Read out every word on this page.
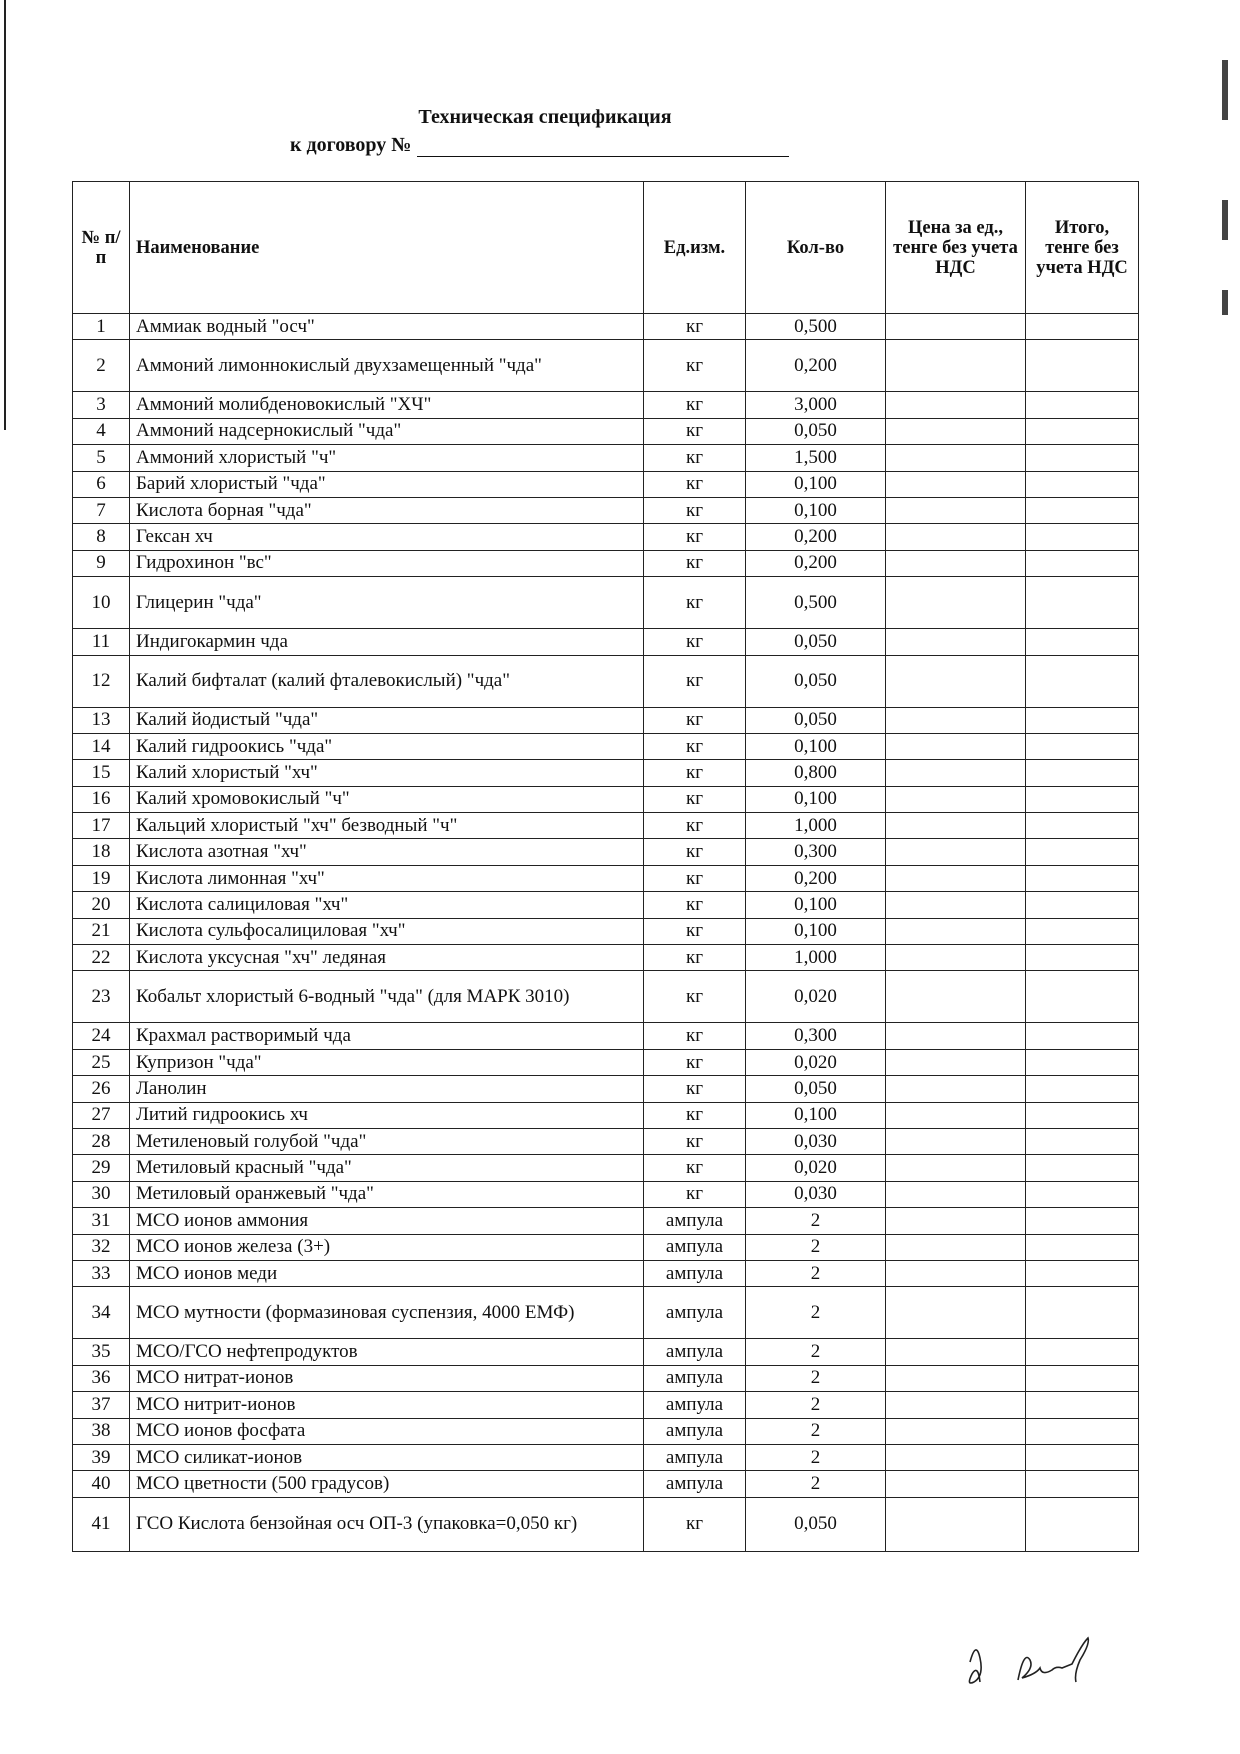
Техническая спецификация
к договору №
№ п/п	Наименование	Ед.изм.	Кол-во	Цена за ед., тенге без учета НДС	Итого, тенге без учета НДС
1	Аммиак водный "осч"	кг	0,500		
2	Аммоний лимоннокислый двухзамещенный "чда"	кг	0,200		
3	Аммоний молибденовокислый "ХЧ"	кг	3,000		
4	Аммоний надсернокислый "чда"	кг	0,050		
5	Аммоний хлористый "ч"	кг	1,500		
6	Барий хлористый "чда"	кг	0,100		
7	Кислота борная "чда"	кг	0,100		
8	Гексан хч	кг	0,200		
9	Гидрохинон "вс"	кг	0,200		
10	Глицерин "чда"	кг	0,500		
11	Индигокармин чда	кг	0,050		
12	Калий бифталат (калий фталевокислый) "чда"	кг	0,050		
13	Калий йодистый "чда"	кг	0,050		
14	Калий гидроокись "чда"	кг	0,100		
15	Калий хлористый "хч"	кг	0,800		
16	Калий хромовокислый "ч"	кг	0,100		
17	Кальций хлористый "хч" безводный "ч"	кг	1,000		
18	Кислота азотная "хч"	кг	0,300		
19	Кислота лимонная "хч"	кг	0,200		
20	Кислота салициловая "хч"	кг	0,100		
21	Кислота сульфосалициловая "хч"	кг	0,100		
22	Кислота уксусная "хч" ледяная	кг	1,000		
23	Кобальт хлористый 6-водный "чда" (для МАРК 3010)	кг	0,020		
24	Крахмал растворимый чда	кг	0,300		
25	Купризон "чда"	кг	0,020		
26	Ланолин	кг	0,050		
27	Литий гидроокись хч	кг	0,100		
28	Метиленовый голубой "чда"	кг	0,030		
29	Метиловый красный "чда"	кг	0,020		
30	Метиловый оранжевый "чда"	кг	0,030		
31	МСО ионов аммония	ампула	2		
32	МСО ионов железа (3+)	ампула	2		
33	МСО ионов меди	ампула	2		
34	МСО мутности (формазиновая суспензия, 4000 ЕМФ)	ампула	2		
35	МСО/ГСО нефтепродуктов	ампула	2		
36	МСО нитрат-ионов	ампула	2		
37	МСО нитрит-ионов	ампула	2		
38	МСО ионов фосфата	ампула	2		
39	МСО силикат-ионов	ампула	2		
40	МСО цветности (500 градусов)	ампула	2		
41	ГСО Кислота бензойная осч ОП-3 (упаковка=0,050 кг)	кг	0,050		
